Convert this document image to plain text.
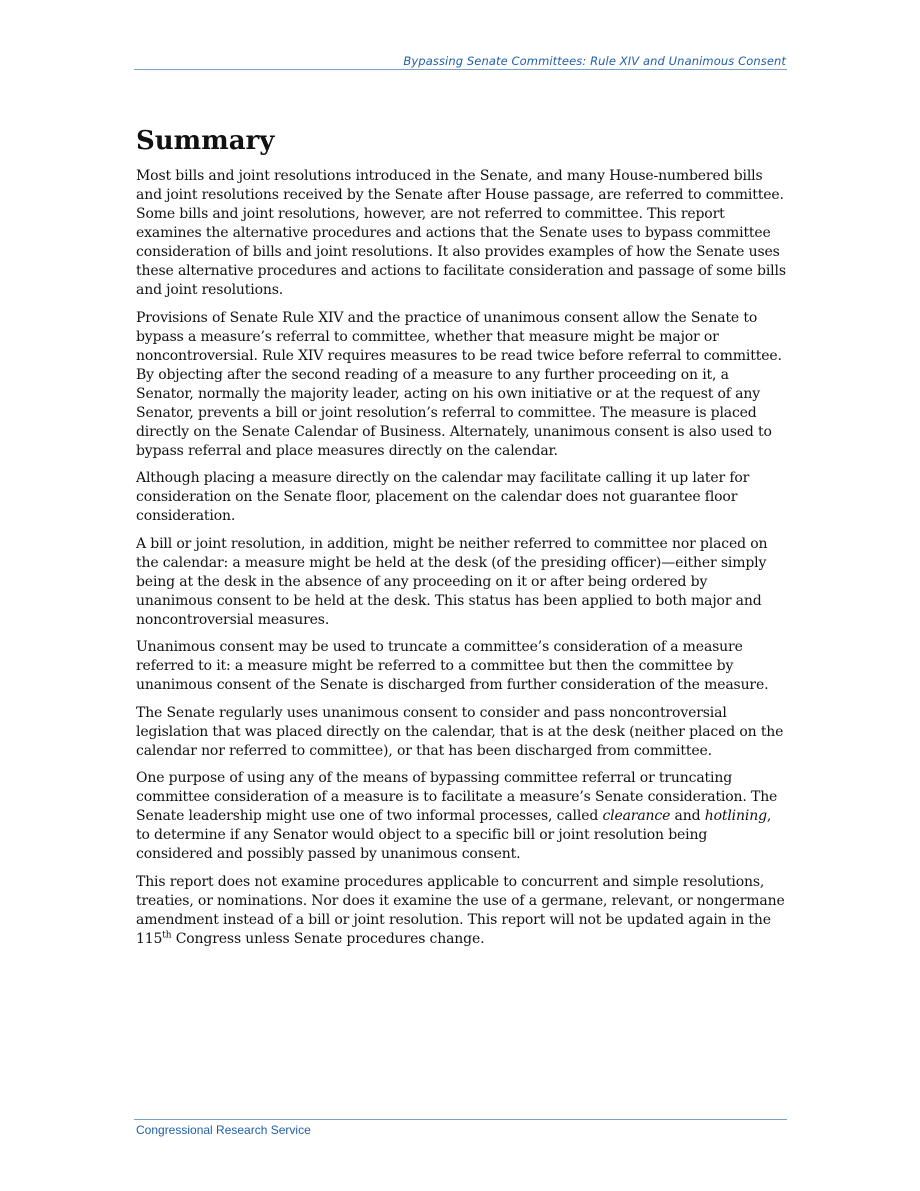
Bypassing Senate Committees: Rule XIV and Unanimous Consent
Summary

Most bills and joint resolutions introduced in the Senate, and many House-numbered bills and joint resolutions received by the Senate after House passage, are referred to committee. Some bills and joint resolutions, however, are not referred to committee. This report examines the alternative procedures and actions that the Senate uses to bypass committee consideration of bills and joint resolutions. It also provides examples of how the Senate uses these alternative procedures and actions to facilitate consideration and passage of some bills and joint resolutions.

Provisions of Senate Rule XIV and the practice of unanimous consent allow the Senate to bypass a measure’s referral to committee, whether that measure might be major or noncontroversial. Rule XIV requires measures to be read twice before referral to committee. By objecting after the second reading of a measure to any further proceeding on it, a Senator, normally the majority leader, acting on his own initiative or at the request of any Senator, prevents a bill or joint resolution’s referral to committee. The measure is placed directly on the Senate Calendar of Business. Alternately, unanimous consent is also used to bypass referral and place measures directly on the calendar.

Although placing a measure directly on the calendar may facilitate calling it up later for consideration on the Senate floor, placement on the calendar does not guarantee floor consideration.

A bill or joint resolution, in addition, might be neither referred to committee nor placed on the calendar: a measure might be held at the desk (of the presiding officer)—either simply being at the desk in the absence of any proceeding on it or after being ordered by unanimous consent to be held at the desk. This status has been applied to both major and noncontroversial measures.

Unanimous consent may be used to truncate a committee’s consideration of a measure referred to it: a measure might be referred to a committee but then the committee by unanimous consent of the Senate is discharged from further consideration of the measure.

The Senate regularly uses unanimous consent to consider and pass noncontroversial legislation that was placed directly on the calendar, that is at the desk (neither placed on the calendar nor referred to committee), or that has been discharged from committee.

One purpose of using any of the means of bypassing committee referral or truncating committee consideration of a measure is to facilitate a measure’s Senate consideration. The Senate leadership might use one of two informal processes, called clearance and hotlining, to determine if any Senator would object to a specific bill or joint resolution being considered and possibly passed by unanimous consent.

This report does not examine procedures applicable to concurrent and simple resolutions, treaties, or nominations. Nor does it examine the use of a germane, relevant, or nongermane amendment instead of a bill or joint resolution. This report will not be updated again in the 115th Congress unless Senate procedures change.

Congressional Research Service
